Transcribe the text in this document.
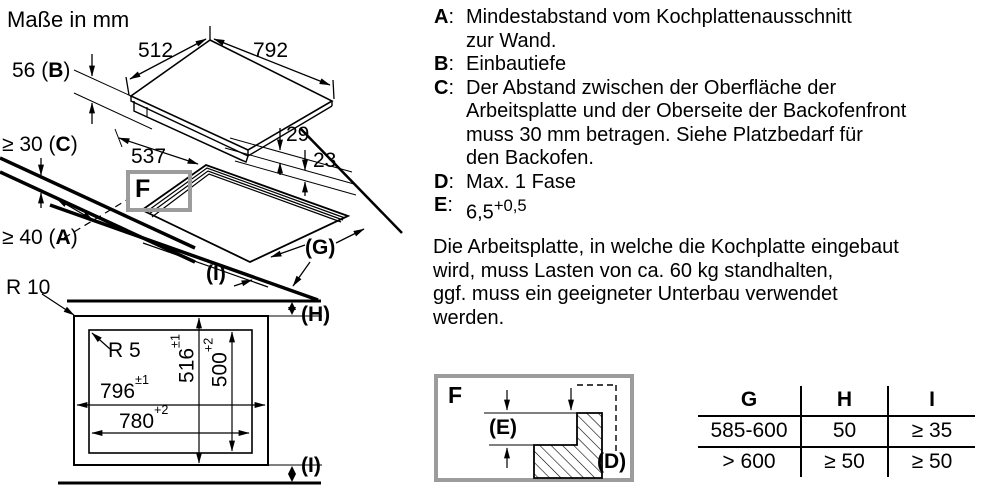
Maße in mm
512	792
56 (B)
≥ 30 (C)
537
29
23
F
≥ 40 (A)	(G)
(I)
R 10
R 5
$796^{\pm 1}$
$780^{+2}$
$516^{\pm 1}$
$500^{+2}$
(H)
(I)
F
(E)
(D)
A: Mindestabstand vom Kochplattenausschnitt
zur Wand.
B: Einbautiefe
C: Der Abstand zwischen der Oberfläche der
Arbeitsplatte und der Oberseite der Backofenfront
muss 30 mm betragen. Siehe Platzbedarf für
den Backofen.
D: Max. 1 Fase
E: $6,5^{+0,5}$
Die Arbeitsplatte, in welche die Kochplatte eingebaut
wird, muss Lasten von ca. 60 kg standhalten,
ggf. muss ein geeigneter Unterbau verwendet
werden.
G	H	I
585-600	50	≥ 35
> 600	≥ 50	≥ 50
